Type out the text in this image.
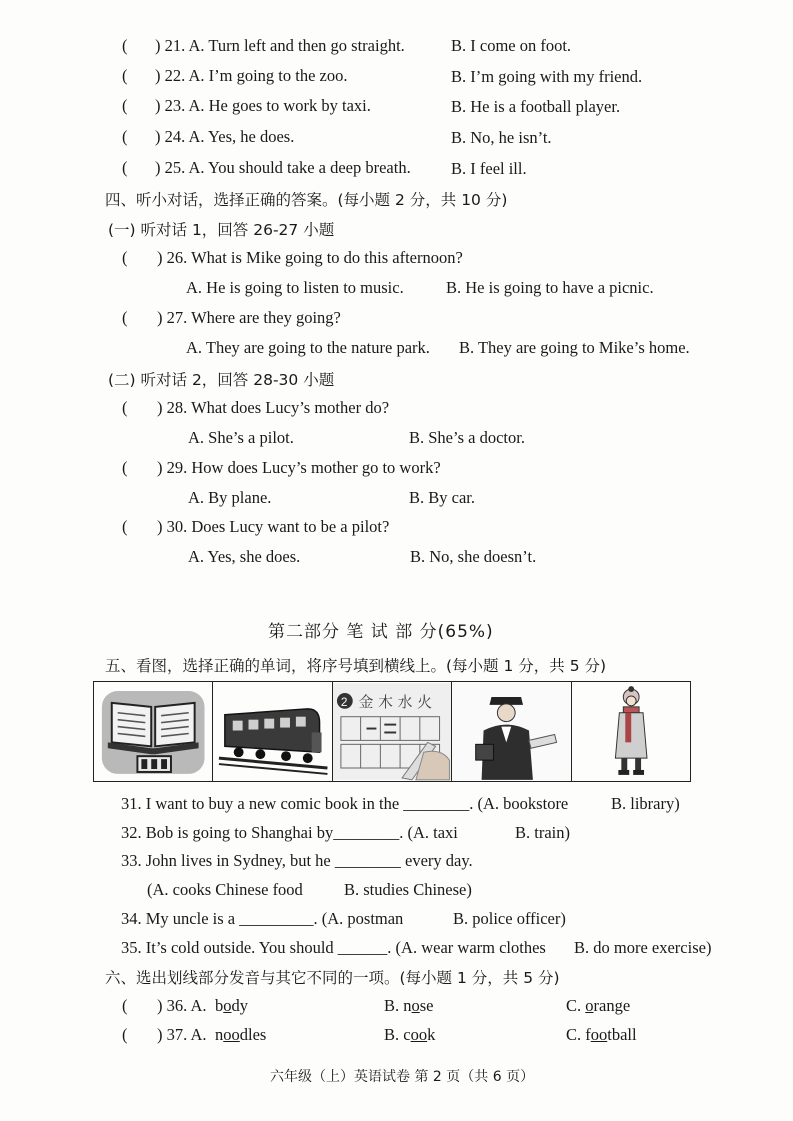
( ) 21. A. Turn left and then go straight.	B. I come on foot.
( ) 22. A. I’m going to the zoo.	B. I’m going with my friend.
( ) 23. A. He goes to work by taxi.	B. He is a football player.
( ) 24. A. Yes, he does.	B. No, he isn’t.
( ) 25. A. You should take a deep breath. B. I feel ill.
四、听小对话，选择正确的答案。(每小题 2 分，共 10 分)
(一) 听对话 1，回答 26-27 小题
( ) 26. What is Mike going to do this afternoon?
A. He is going to listen to music.	B. He is going to have a picnic.
( ) 27. Where are they going?
A. They are going to the nature park. B. They are going to Mike’s home.
(二) 听对话 2，回答 28-30 小题
( ) 28. What does Lucy’s mother do?
A. She’s a pilot.	B. She’s a doctor.
( ) 29. How does Lucy’s mother go to work?
A. By plane.	B. By car.
( ) 30. Does Lucy want to be a pilot?
A. Yes, she does.	B. No, she doesn’t.
第二部分 笔 试 部 分(65%)
五、看图，选择正确的单词，将序号填到横线上。(每小题 1 分，共 5 分)
2 金 木 水 火
31. I want to buy a new comic book in the ________. (A. bookstore	B. library)
32. Bob is going to Shanghai by________. (A. taxi	B. train)
33. John lives in Sydney, but he ________ every day.
(A. cooks Chinese food B. studies Chinese)
34. My uncle is a _________. (A. postman	B. police officer)
35. It’s cold outside. You should ______. (A. wear warm clothes B. do more exercise)
六、选出划线部分发音与其它不同的一项。(每小题 1 分，共 5 分)
( ) 36. A. body	B. nose	C. orange
( ) 37. A. noodles	B. cook	C. football
六年级（上）英语试卷 第 2 页（共 6 页）
